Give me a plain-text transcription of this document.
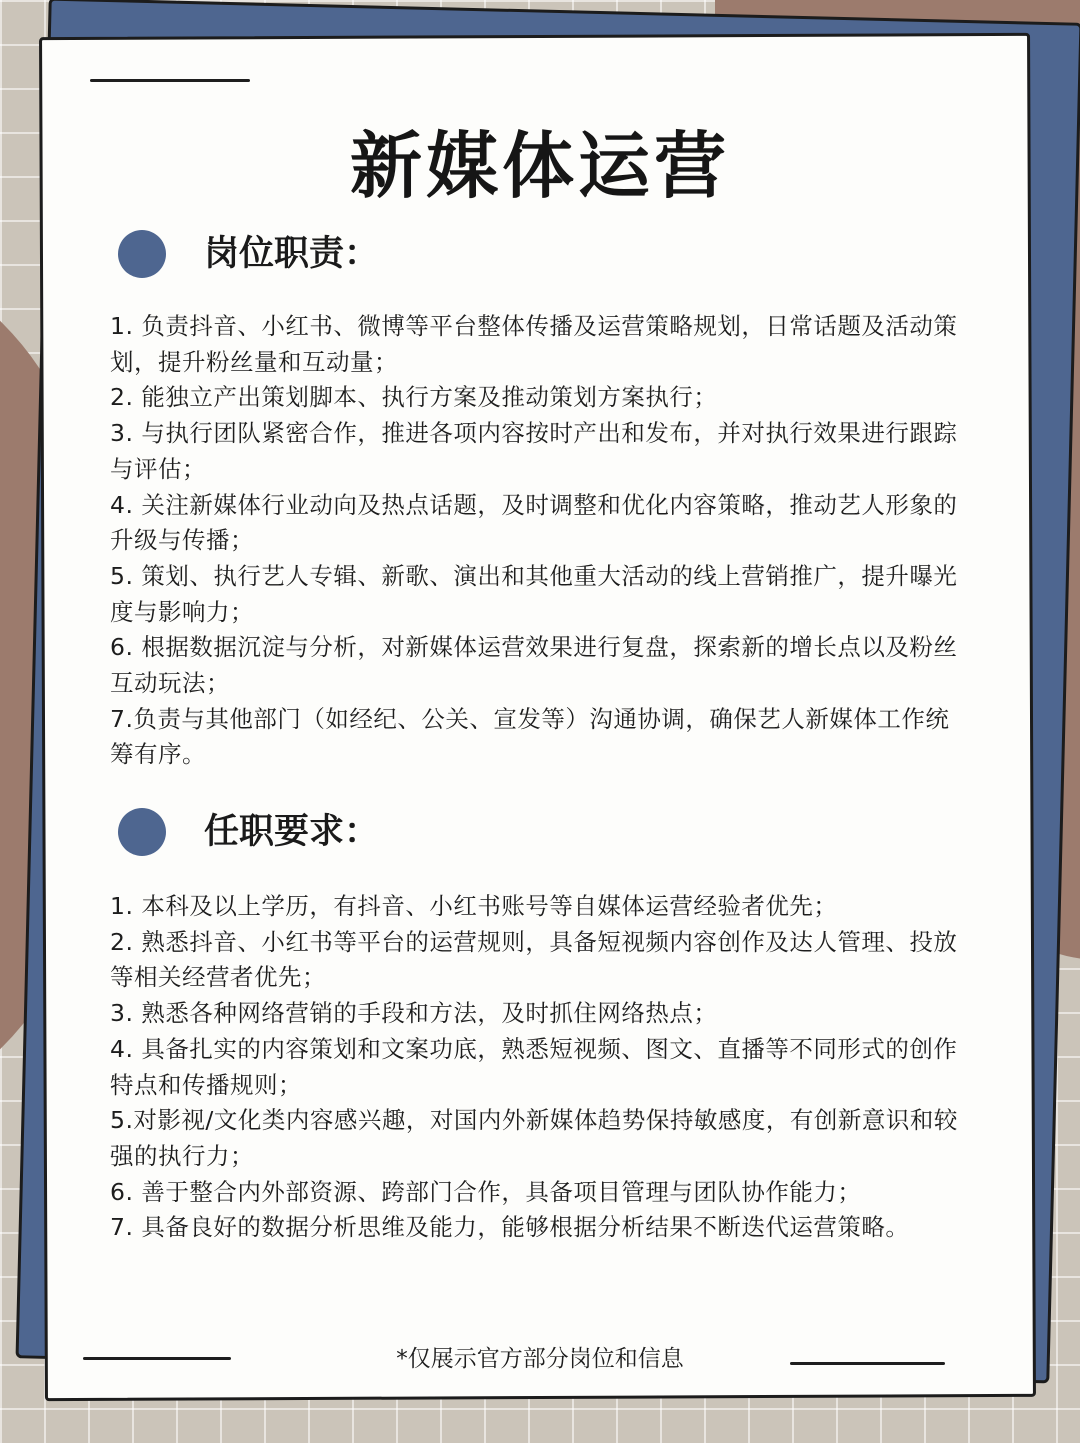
新媒体运营
岗位职责：
1. 负责抖音、小红书、微博等平台整体传播及运营策略规划，日常话题及活动策划，提升粉丝量和互动量；
2. 能独立产出策划脚本、执行方案及推动策划方案执行；
3. 与执行团队紧密合作，推进各项内容按时产出和发布，并对执行效果进行跟踪与评估；
4. 关注新媒体行业动向及热点话题，及时调整和优化内容策略，推动艺人形象的升级与传播；
5. 策划、执行艺人专辑、新歌、演出和其他重大活动的线上营销推广，提升曝光度与影响力；
6. 根据数据沉淀与分析，对新媒体运营效果进行复盘，探索新的增长点以及粉丝互动玩法；
7.负责与其他部门（如经纪、公关、宣发等）沟通协调，确保艺人新媒体工作统筹有序。
任职要求：
1. 本科及以上学历，有抖音、小红书账号等自媒体运营经验者优先；
2. 熟悉抖音、小红书等平台的运营规则，具备短视频内容创作及达人管理、投放等相关经营者优先；
3. 熟悉各种网络营销的手段和方法，及时抓住网络热点；
4. 具备扎实的内容策划和文案功底，熟悉短视频、图文、直播等不同形式的创作特点和传播规则；
5.对影视/文化类内容感兴趣，对国内外新媒体趋势保持敏感度，有创新意识和较强的执行力；
6. 善于整合内外部资源、跨部门合作，具备项目管理与团队协作能力；
7. 具备良好的数据分析思维及能力，能够根据分析结果不断迭代运营策略。
*仅展示官方部分岗位和信息
